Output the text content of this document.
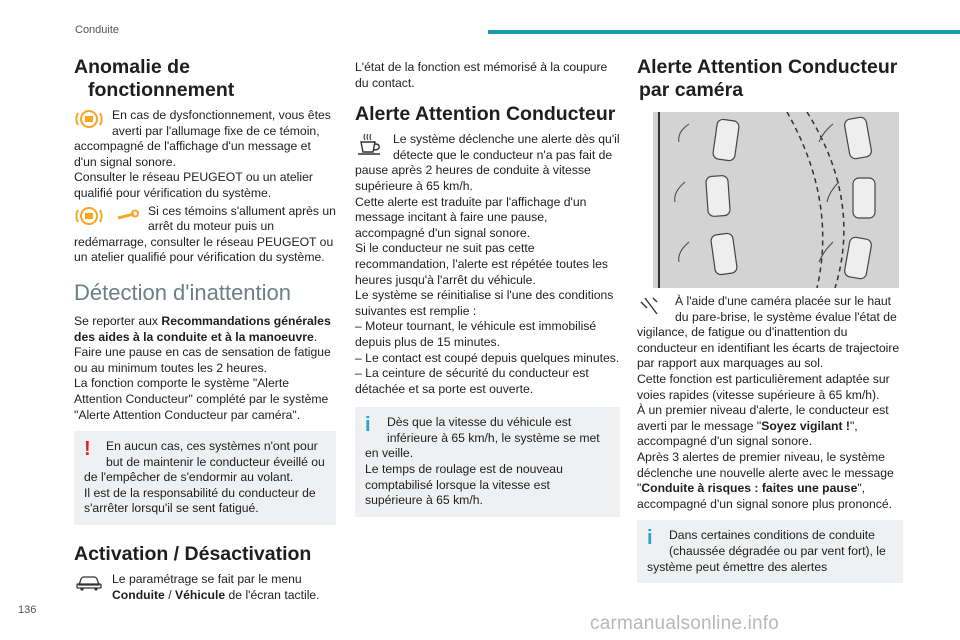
Conduite
136
carmanualsonline.info
Anomalie de
fonctionnement

En cas de dysfonctionnement, vous êtes averti par l'allumage fixe de ce témoin, accompagné de l'affichage d'un message et d'un signal sonore.

Consulter le réseau PEUGEOT ou un atelier qualifié pour vérification du système.

Si ces témoins s'allument après un arrêt du moteur puis un redémarrage, consulter le réseau PEUGEOT ou un atelier qualifié pour vérification du système.

Détection d'inattention

Se reporter aux Recommandations générales des aides à la conduite et à la manoeuvre.

Faire une pause en cas de sensation de fatigue ou au minimum toutes les 2 heures.

La fonction comporte le système "Alerte Attention Conducteur" complété par le système "Alerte Attention Conducteur par caméra".

!	En aucun cas, ces systèmes n'ont pour but de maintenir le conducteur éveillé ou de l'empêcher de s'endormir au volant.

Il est de la responsabilité du conducteur de s'arrêter lorsqu'il se sent fatigué.

Activation / Désactivation

Le paramétrage se fait par le menu Conduite / Véhicule de l'écran tactile.

L'état de la fonction est mémorisé à la coupure du contact.

Alerte Attention Conducteur

Le système déclenche une alerte dès qu'il détecte que le conducteur n'a pas fait de pause après 2 heures de conduite à vitesse supérieure à 65 km/h.

Cette alerte est traduite par l'affichage d'un message incitant à faire une pause, accompagné d'un signal sonore.

Si le conducteur ne suit pas cette recommandation, l'alerte est répétée toutes les heures jusqu'à l'arrêt du véhicule.

Le système se réinitialise si l'une des conditions suivantes est remplie :

– Moteur tournant, le véhicule est immobilisé depuis plus de 15 minutes.

– Le contact est coupé depuis quelques minutes.

– La ceinture de sécurité du conducteur est détachée et sa porte est ouverte.

i	Dès que la vitesse du véhicule est inférieure à 65 km/h, le système se met en veille.

Le temps de roulage est de nouveau comptabilisé lorsque la vitesse est supérieure à 65 km/h.

Alerte Attention Conducteur
par caméra

À l'aide d'une caméra placée sur le haut du pare-brise, le système évalue l'état de vigilance, de fatigue ou d'inattention du conducteur en identifiant les écarts de trajectoire par rapport aux marquages au sol.

Cette fonction est particulièrement adaptée sur voies rapides (vitesse supérieure à 65 km/h).

À un premier niveau d'alerte, le conducteur est averti par le message "Soyez vigilant !", accompagné d'un signal sonore.

Après 3 alertes de premier niveau, le système déclenche une nouvelle alerte avec le message "Conduite à risques : faites une pause", accompagné d'un signal sonore plus prononcé.

i	Dans certaines conditions de conduite (chaussée dégradée ou par vent fort), le système peut émettre des alertes
